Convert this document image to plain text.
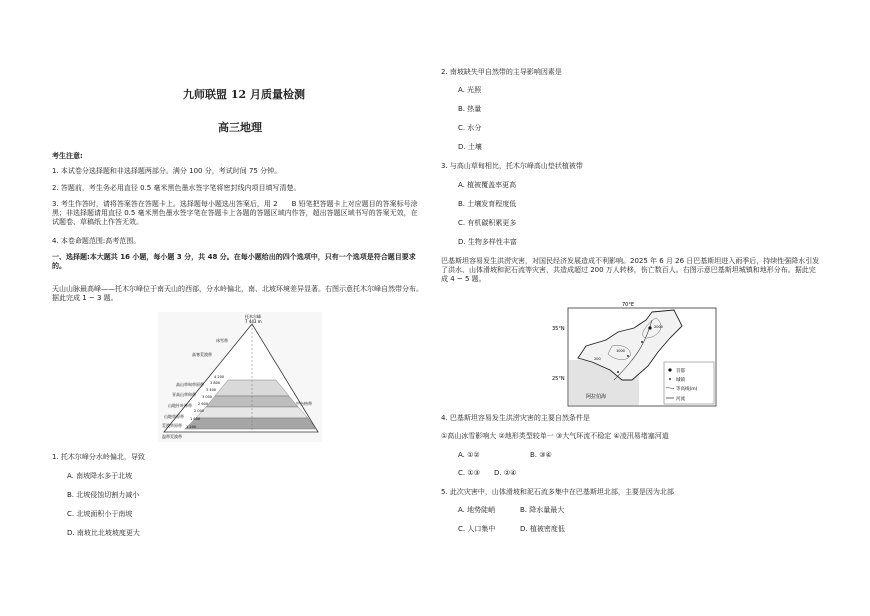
九师联盟 12 月质量检测
高三地理
考生注意:
1. 本试卷分选择题和非选择题两部分。满分 100 分，考试时间 75 分钟。
2. 答题前，考生务必用直径 0.5 毫米黑色墨水签字笔将密封线内项目填写清楚。
3. 考生作答时，请将答案答在答题卡上。选择题每小题选出答案后，用 2　　B 铅笔把答题卡上对应题目的答案标号涂黑；非选择题请用直径 0.5 毫米黑色墨水签字笔在答题卡上各题的答题区域内作答，超出答题区域书写的答案无效，在试题卷、草稿纸上作答无效。
4. 本卷命题范围:高考范围。
一、选择题:本大题共 16 小题，每小题 3 分，共 48 分。在每小题给出的四个选项中，只有一个选项是符合题目要求的。
天山山脉最高峰——托木尔峰位于南天山的西部，分水岭偏北，南、北坡环境差异显著。右图示意托木尔峰自然带分布。据此完成 1 ~ 3 题。
托木尔峰
7 443 m
冰雪带
高寒荒漠带
高山草甸草原带
亚高山草甸带
山地针叶林带
山地草原带
荒漠草原带
温带荒漠带
甲台格带
4 200
3 800
3 400
3 000
2 600
2 000
1 600
1 200
1. 托木尔峰分水岭偏北，导致
A. 南坡降水多于北坡
B. 北坡侵蚀切割力减小
C. 北坡面积小于南坡
D. 南坡比北坡坡度更大
2. 南坡缺失甲自然带的主导影响因素是
A. 光照
B. 热量
C. 水分
D. 土壤
3. 与高山草甸相比，托木尔峰高山垫状植被带
A. 植被覆盖率更高
B. 土壤发育程度低
C. 有机碳积累更多
D. 生物多样性丰富
巴基斯坦容易发生洪涝灾害，对国民经济发展造成不利影响。2025 年 6 月 26 日巴基斯坦进入雨季后，持续性强降水引发了洪水、山体滑坡和泥石流等灾害，共造成超过 200 万人转移，伤亡数百人。右图示意巴基斯坦城镇和地形分布。据此完成 4 ~ 5 题。
70°E
35°N
25°N
2000
1000
200
阿拉伯海
首都
城镇
等高线(m)
河流
4. 巴基斯坦容易发生洪涝灾害的主要自然条件是
①高山冰雪影响大 ②地形类型较单一 ③大气环流不稳定 ④凌汛易堵塞河道
A. ①②	B. ③④
C. ①③ D. ②④
5. 此次灾害中，山体滑坡和泥石流多集中在巴基斯坦北部，主要是因为北部
A. 地势陡峭	B. 降水量最大
C. 人口集中	D. 植被密度低
